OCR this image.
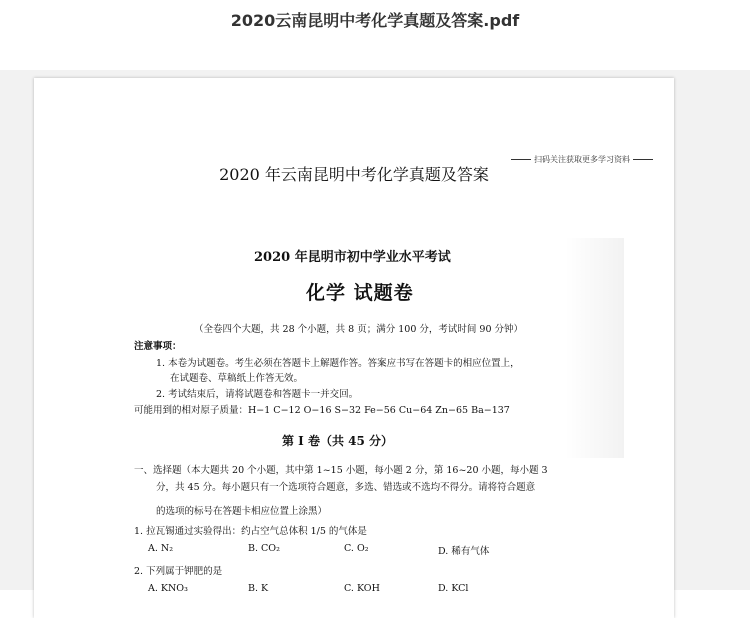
2020云南昆明中考化学真题及答案.pdf
扫码关注获取更多学习资料
2020 年云南昆明中考化学真题及答案
2020 年昆明市初中学业水平考试
化学 试题卷
（全卷四个大题，共 28 个小题，共 8 页；满分 100 分，考试时间 90 分钟）
注意事项：
1. 本卷为试题卷。考生必须在答题卡上解题作答。答案应书写在答题卡的相应位置上，
在试题卷、草稿纸上作答无效。
2. 考试结束后，请将试题卷和答题卡一并交回。
可能用到的相对原子质量：H−1 C−12 O−16 S−32 Fe−56 Cu−64 Zn−65 Ba−137
第 I 卷（共 45 分）
一、选择题（本大题共 20 个小题，其中第 1~15 小题，每小题 2 分，第 16~20 小题，每小题 3
分，共 45 分。每小题只有一个选项符合题意，多选、错选或不选均不得分。请将符合题意
的选项的标号在答题卡相应位置上涂黑）
1. 拉瓦锡通过实验得出：约占空气总体积 1/5 的气体是
A. N₂	B. CO₂	C. O₂	D. 稀有气体
2. 下列属于钾肥的是
A. KNO₃	B. K	C. KOH	D. KCl
